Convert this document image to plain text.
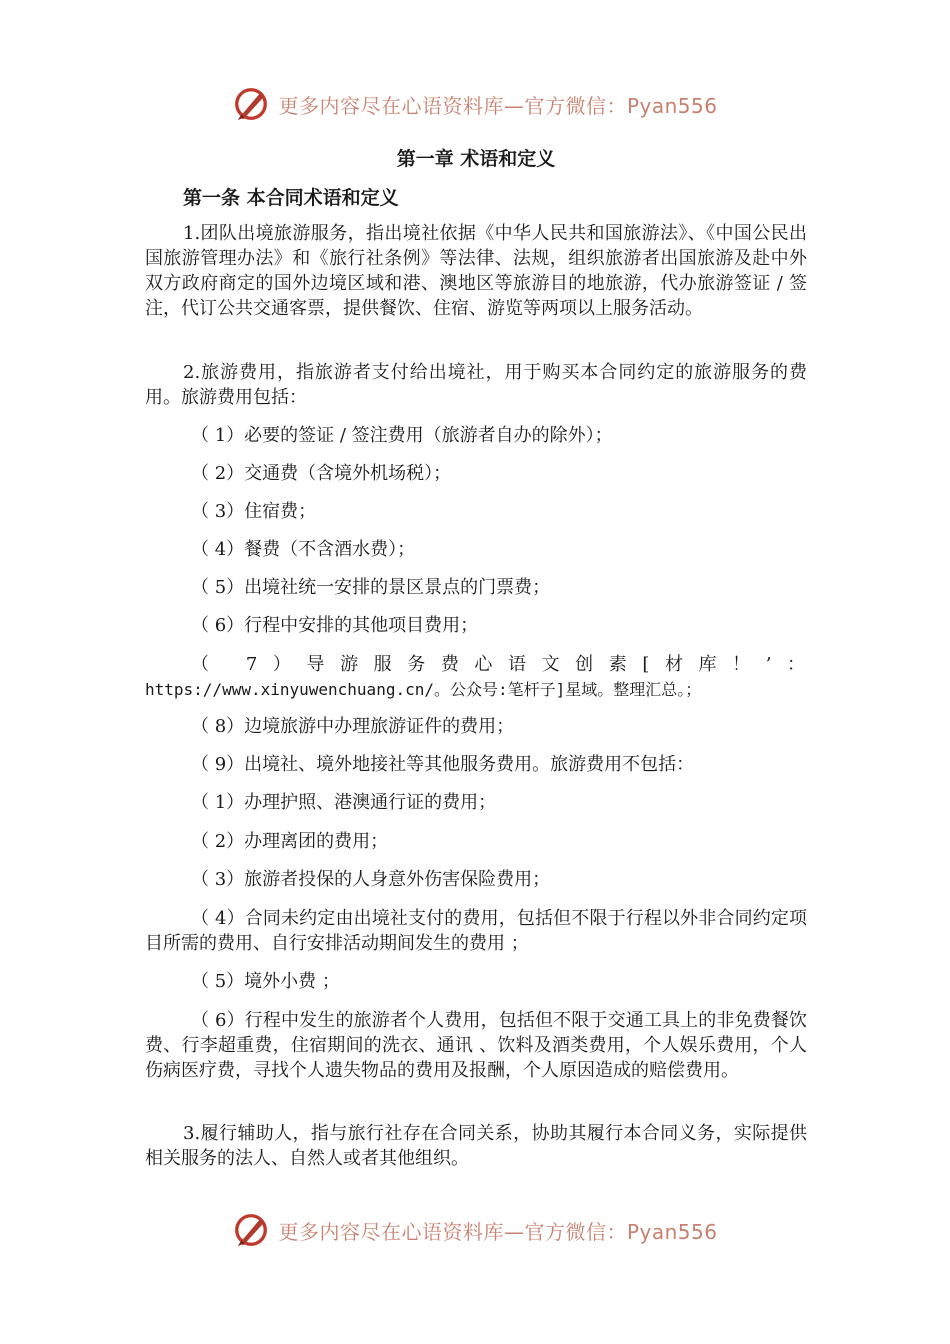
更多内容尽在心语资料库—官方微信：Pyan556
第一章 术语和定义
第一条 本合同术语和定义

1.团队出境旅游服务，指出境社依据《中华人民共和国旅游法》、《中国公民出国旅游管理办法》和《旅行社条例》等法律、法规，组织旅游者出国旅游及赴中外双方政府商定的国外边境区域和港、澳地区等旅游目的地旅游，代办旅游签证 / 签注，代订公共交通客票，提供餐饮、住宿、游览等两项以上服务活动。

2.旅游费用，指旅游者支付给出境社，用于购买本合同约定的旅游服务的费用。旅游费用包括：

（ 1）必要的签证 / 签注费用（旅游者自办的除外）；

（ 2）交通费（含境外机场税）；

（ 3）住宿费；

（ 4）餐费（不含酒水费）；

（ 5）出境社统一安排的景区景点的门票费；

（ 6）行程中安排的其他项目费用；

（ 7）导游服务费心语文创素[材库！’：

https://www.xinyuwenchuang.cn/。公众号:笔杆子]星域。整理汇总。；

（ 8）边境旅游中办理旅游证件的费用；

（ 9）出境社、境外地接社等其他服务费用。旅游费用不包括：

（ 1）办理护照、港澳通行证的费用；

（ 2）办理离团的费用；

（ 3）旅游者投保的人身意外伤害保险费用；

（ 4）合同未约定由出境社支付的费用，包括但不限于行程以外非合同约定项目所需的费用、自行安排活动期间发生的费用 ；

（ 5）境外小费 ；

（ 6）行程中发生的旅游者个人费用，包括但不限于交通工具上的非免费餐饮费、行李超重费，住宿期间的洗衣、通讯 、饮料及酒类费用，个人娱乐费用，个人伤病医疗费，寻找个人遗失物品的费用及报酬，个人原因造成的赔偿费用。

3.履行辅助人，指与旅行社存在合同关系，协助其履行本合同义务，实际提供相关服务的法人、自然人或者其他组织。

更多内容尽在心语资料库—官方微信：Pyan556
